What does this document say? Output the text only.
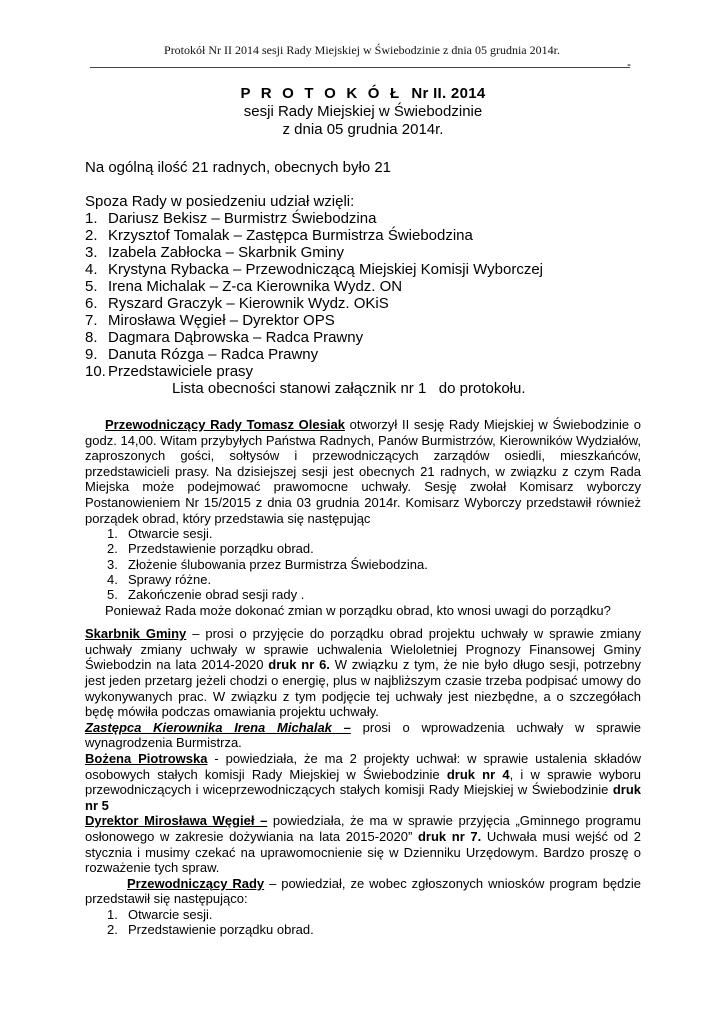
Protokół Nr II 2014 sesji Rady Miejskiej w Świebodzinie z dnia 05 grudnia 2014r.
-
P R O T O K Ó Ł  Nr II. 2014
sesji Rady Miejskiej w Świebodzinie
z dnia 05 grudnia 2014r.
Na ogólną ilość 21 radnych, obecnych było 21
Spoza Rady w posiedzeniu udział wzięli:
1. Dariusz Bekisz – Burmistrz Świebodzina
2. Krzysztof Tomalak – Zastępca Burmistrza Świebodzina
3. Izabela Zabłocka – Skarbnik Gminy
4. Krystyna Rybacka – Przewodniczącą Miejskiej Komisji Wyborczej
5. Irena Michalak – Z-ca Kierownika Wydz. ON
6. Ryszard Graczyk – Kierownik Wydz. OKiS
7. Mirosława Węgieł – Dyrektor OPS
8. Dagmara Dąbrowska – Radca Prawny
9. Danuta Rózga – Radca Prawny
10. Przedstawiciele prasy
Lista obecności stanowi załącznik nr 1   do protokołu.
Przewodniczący Rady Tomasz Olesiak otworzył II sesję Rady Miejskiej w Świebodzinie o godz. 14,00. Witam przybyłych Państwa Radnych, Panów Burmistrzów, Kierowników Wydziałów, zaproszonych gości, sołtysów i przewodniczących zarządów osiedli, mieszkańców, przedstawicieli prasy. Na dzisiejszej sesji jest obecnych 21 radnych, w związku z czym Rada Miejska może podejmować prawomocne uchwały. Sesję zwołał Komisarz wyborczy Postanowieniem Nr 15/2015 z dnia 03 grudnia 2014r. Komisarz Wyborczy przedstawił również porządek obrad, który przedstawia się następując
1. Otwarcie sesji.
2. Przedstawienie porządku obrad.
3. Złożenie ślubowania przez Burmistrza Świebodzina.
4. Sprawy różne.
5. Zakończenie obrad sesji rady .
Ponieważ Rada może dokonać zmian w porządku obrad, kto wnosi uwagi do porządku?
Skarbnik Gminy – prosi o przyjęcie do porządku obrad projektu uchwały w sprawie zmiany uchwały zmiany uchwały w sprawie uchwalenia Wieloletniej Prognozy Finansowej Gminy Świebodzin na lata 2014-2020 druk nr 6. W związku z tym, że nie było długo sesji, potrzebny jest jeden przetarg jeżeli chodzi o energię, plus w najbliższym czasie trzeba podpisać umowy do wykonywanych prac. W związku z tym podjęcie tej uchwały jest niezbędne, a o szczegółach będę mówiła podczas omawiania projektu uchwały.
Zastępca Kierownika Irena Michalak – prosi o wprowadzenia uchwały w sprawie wynagrodzenia Burmistrza.
Bożena Piotrowska - powiedziała, że ma 2 projekty uchwał: w sprawie ustalenia składów osobowych stałych komisji Rady Miejskiej w Świebodzinie druk nr 4, i w sprawie wyboru przewodniczących i wiceprzewodniczących stałych komisji Rady Miejskiej w Świebodzinie druk nr 5
Dyrektor Mirosława Węgieł – powiedziała, że ma w sprawie przyjęcia „Gminnego programu osłonowego w zakresie dożywiania na lata 2015-2020” druk nr 7. Uchwała musi wejść od 2 stycznia i musimy czekać na uprawomocnienie się w Dzienniku Urzędowym. Bardzo proszę o rozważenie tych spraw.
Przewodniczący Rady – powiedział, ze wobec zgłoszonych wniosków program będzie przedstawił się następująco:
1. Otwarcie sesji.
2. Przedstawienie porządku obrad.
